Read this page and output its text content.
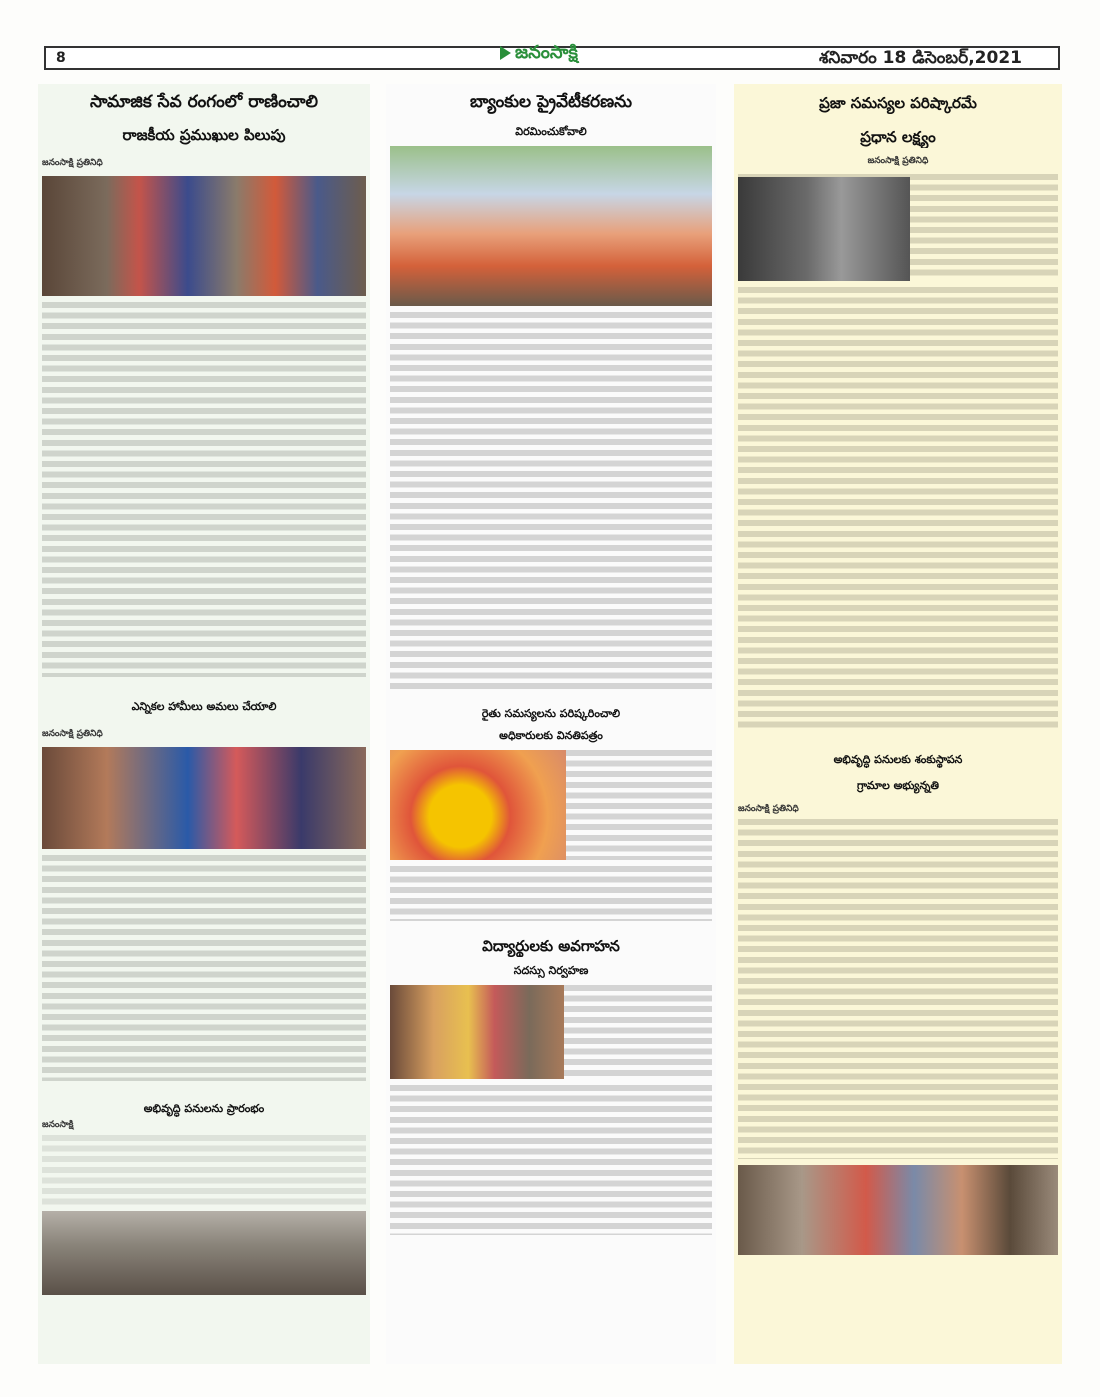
8	జనంసాక్షి	శనివారం 18 డిసెంబర్,2021

సామాజిక సేవ రంగంలో రాణించాలి

రాజకీయ ప్రముఖుల పిలుపు

జనంసాక్షి ప్రతినిధి

ఎన్నికల హామీలు అమలు చేయాలి

జనంసాక్షి ప్రతినిధి

అభివృద్ధి పనులను ప్రారంభం

జనంసాక్షి

బ్యాంకుల ప్రైవేటీకరణను

విరమించుకోవాలి

రైతు సమస్యలను పరిష్కరించాలి

అధికారులకు వినతిపత్రం

విద్యార్థులకు అవగాహన

సదస్సు నిర్వహణ

ప్రజా సమస్యల పరిష్కారమే

ప్రధాన లక్ష్యం

జనంసాక్షి ప్రతినిధి

అభివృద్ధి పనులకు శంకుస్థాపన

గ్రామాల అభ్యున్నతి

జనంసాక్షి ప్రతినిధి
